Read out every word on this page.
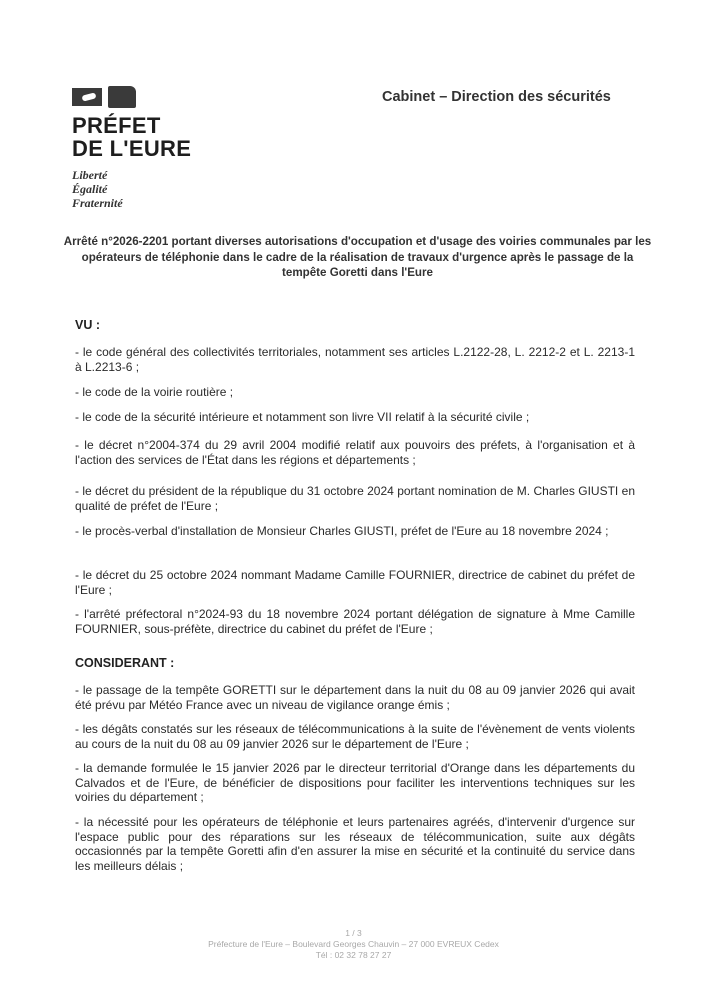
PRÉFET
DE L'EURE
Liberté
Égalité
Fraternité
Cabinet – Direction des sécurités
Arrêté n°2026-2201 portant diverses autorisations d'occupation et d'usage des voiries communales par les opérateurs de téléphonie dans le cadre de la réalisation de travaux d'urgence après le passage de la tempête Goretti dans l'Eure
VU :
- le code général des collectivités territoriales, notamment ses articles L.2122-28, L. 2212-2 et L. 2213-1 à L.2213-6 ;
- le code de la voirie routière ;
- le code de la sécurité intérieure et notamment son livre VII relatif à la sécurité civile ;
- le décret n°2004-374 du 29 avril 2004 modifié relatif aux pouvoirs des préfets, à l'organisation et à l'action des services de l'État dans les régions et départements ;
- le décret du président de la république du 31 octobre 2024 portant nomination de M. Charles GIUSTI en qualité de préfet de l'Eure ;
- le procès-verbal d'installation de Monsieur Charles GIUSTI, préfet de l'Eure au 18 novembre 2024 ;
- le décret du 25 octobre 2024 nommant Madame Camille FOURNIER, directrice de cabinet du préfet de l'Eure ;
- l'arrêté préfectoral n°2024-93 du 18 novembre 2024 portant délégation de signature à Mme Camille FOURNIER, sous-préfète, directrice du cabinet du préfet de l'Eure ;
CONSIDERANT :
- le passage de la tempête GORETTI sur le département dans la nuit du 08 au 09 janvier 2026 qui avait été prévu par Météo France avec un niveau de vigilance orange émis ;
- les dégâts constatés sur les réseaux de télécommunications à la suite de l'évènement de vents violents au cours de la nuit du 08 au 09 janvier 2026 sur le département de l'Eure ;
- la demande formulée le 15 janvier 2026 par le directeur territorial d'Orange dans les départements du Calvados et de l'Eure, de bénéficier de dispositions pour faciliter les interventions techniques sur les voiries du département ;
- la nécessité pour les opérateurs de téléphonie et leurs partenaires agréés, d'intervenir d'urgence sur l'espace public pour des réparations sur les réseaux de télécommunication, suite aux dégâts occasionnés par la tempête Goretti afin d'en assurer la mise en sécurité et la continuité du service dans les meilleurs délais ;
1 / 3
Préfecture de l'Eure – Boulevard Georges Chauvin – 27 000 EVREUX Cedex
Tél : 02 32 78 27 27
